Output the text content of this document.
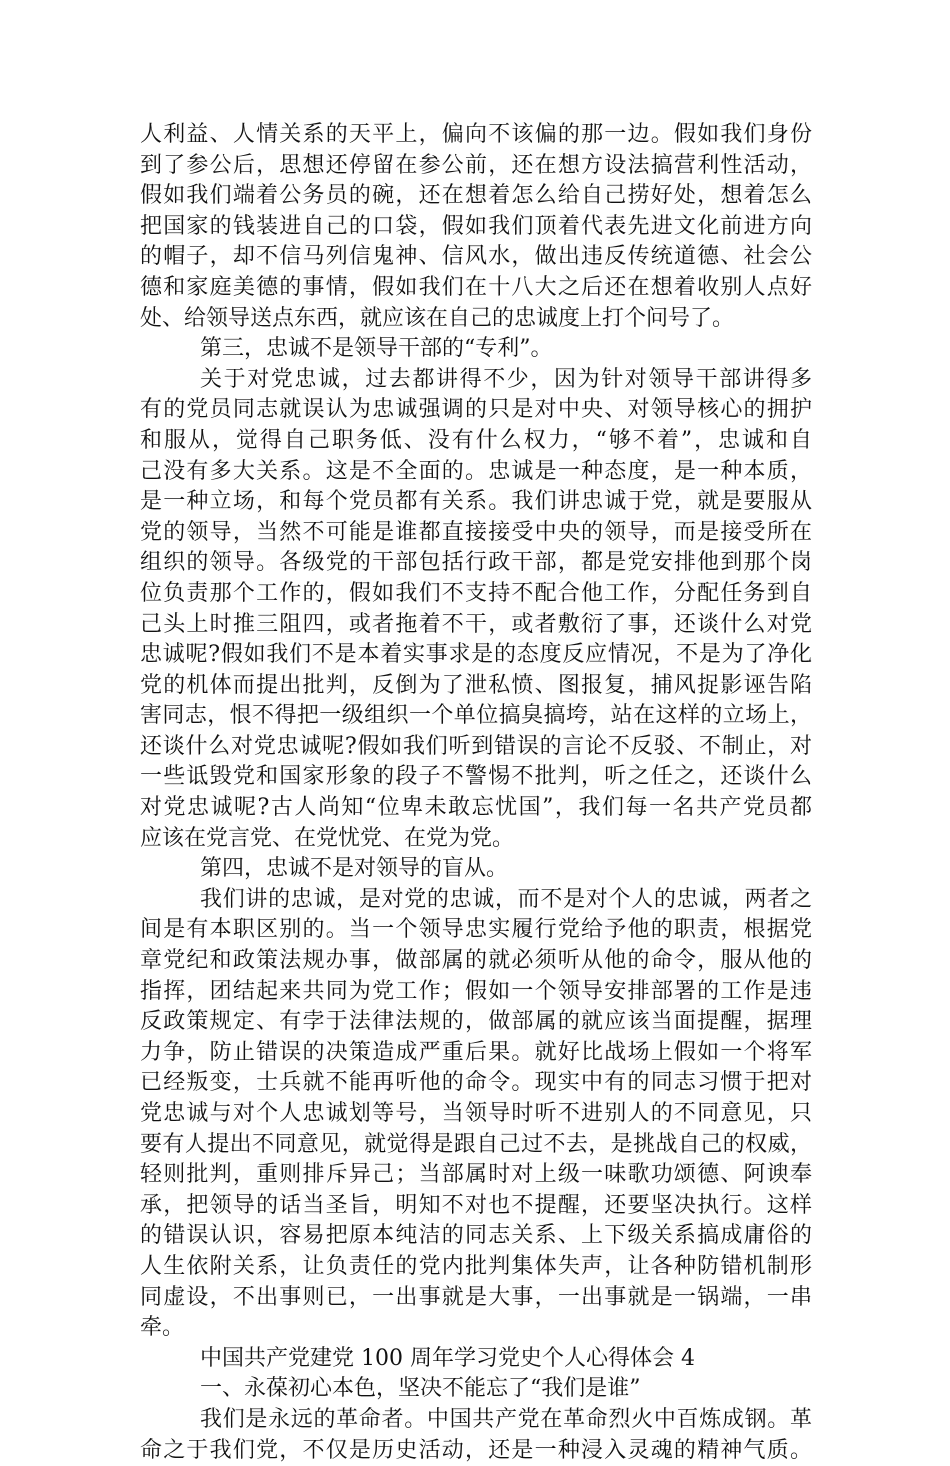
人利益、人情关系的天平上，偏向不该偏的那一边。假如我们身份
到了参公后，思想还停留在参公前，还在想方设法搞营利性活动，
假如我们端着公务员的碗，还在想着怎么给自己捞好处，想着怎么
把国家的钱装进自己的口袋，假如我们顶着代表先进文化前进方向
的帽子，却不信马列信鬼神、信风水，做出违反传统道德、社会公
德和家庭美德的事情，假如我们在十八大之后还在想着收别人点好
处、给领导送点东西，就应该在自己的忠诚度上打个问号了。
第三，忠诚不是领导干部的“专利”。
关于对党忠诚，过去都讲得不少，因为针对领导干部讲得多
有的党员同志就误认为忠诚强调的只是对中央、对领导核心的拥护
和服从，觉得自己职务低、没有什么权力，“够不着”，忠诚和自
己没有多大关系。这是不全面的。忠诚是一种态度，是一种本质，
是一种立场，和每个党员都有关系。我们讲忠诚于党，就是要服从
党的领导，当然不可能是谁都直接接受中央的领导，而是接受所在
组织的领导。各级党的干部包括行政干部，都是党安排他到那个岗
位负责那个工作的，假如我们不支持不配合他工作，分配任务到自
己头上时推三阻四，或者拖着不干，或者敷衍了事，还谈什么对党
忠诚呢?假如我们不是本着实事求是的态度反应情况，不是为了净化
党的机体而提出批判，反倒为了泄私愤、图报复，捕风捉影诬告陷
害同志，恨不得把一级组织一个单位搞臭搞垮，站在这样的立场上，
还谈什么对党忠诚呢?假如我们听到错误的言论不反驳、不制止，对
一些诋毁党和国家形象的段子不警惕不批判，听之任之，还谈什么
对党忠诚呢?古人尚知“位卑未敢忘忧国”，我们每一名共产党员都
应该在党言党、在党忧党、在党为党。
第四，忠诚不是对领导的盲从。
我们讲的忠诚，是对党的忠诚，而不是对个人的忠诚，两者之
间是有本职区别的。当一个领导忠实履行党给予他的职责，根据党
章党纪和政策法规办事，做部属的就必须听从他的命令，服从他的
指挥，团结起来共同为党工作；假如一个领导安排部署的工作是违
反政策规定、有孛于法律法规的，做部属的就应该当面提醒，据理
力争，防止错误的决策造成严重后果。就好比战场上假如一个将军
已经叛变，士兵就不能再听他的命令。现实中有的同志习惯于把对
党忠诚与对个人忠诚划等号，当领导时听不进别人的不同意见，只
要有人提出不同意见，就觉得是跟自己过不去，是挑战自己的权威，
轻则批判，重则排斥异己；当部属时对上级一味歌功颂德、阿谀奉
承，把领导的话当圣旨，明知不对也不提醒，还要坚决执行。这样
的错误认识，容易把原本纯洁的同志关系、上下级关系搞成庸俗的
人生依附关系，让负责任的党内批判集体失声，让各种防错机制形
同虚设，不出事则已，一出事就是大事，一出事就是一锅端，一串
牵。
中国共产党建党 100 周年学习党史个人心得体会 4
一、永葆初心本色，坚决不能忘了“我们是谁”
我们是永远的革命者。中国共产党在革命烈火中百炼成钢。革
命之于我们党，不仅是历史活动，还是一种浸入灵魂的精神气质。
